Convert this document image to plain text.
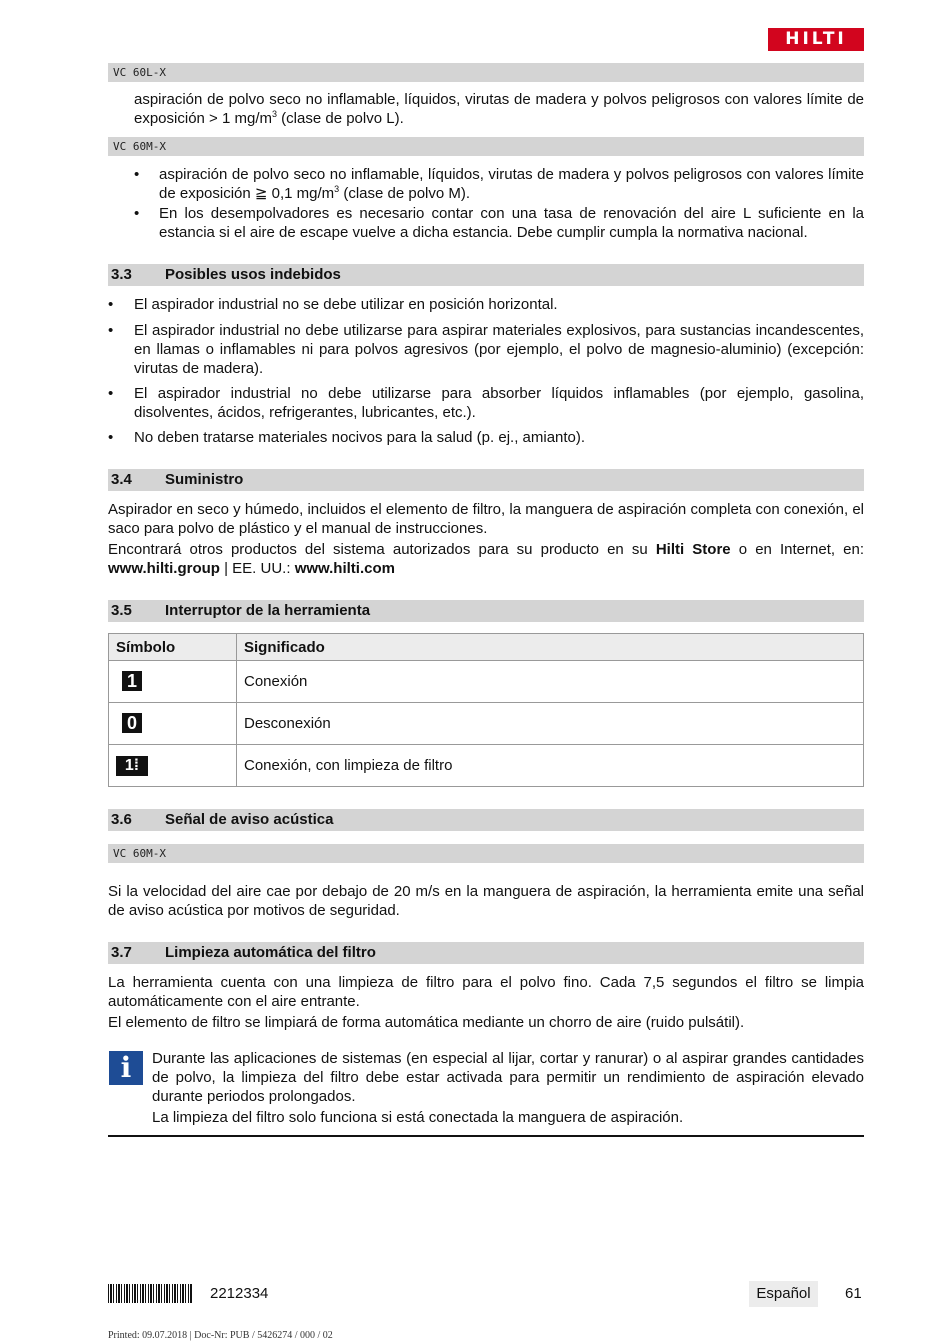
HILTI
VC 60L-X
aspiración de polvo seco no inflamable, líquidos, virutas de madera y polvos peligrosos con valores límite de exposición > 1 $mg/m^3$ (clase de polvo L).
VC 60M-X
• aspiración de polvo seco no inflamable, líquidos, virutas de madera y polvos peligrosos con valores límite de exposición ≧ 0,1 $mg/m^3$ (clase de polvo M).
• En los desempolvadores es necesario contar con una tasa de renovación del aire L suficiente en la estancia si el aire de escape vuelve a dicha estancia. Debe cumplir cumpla la normativa nacional.
3.3 Posibles usos indebidos
• El aspirador industrial no se debe utilizar en posición horizontal.
• El aspirador industrial no debe utilizarse para aspirar materiales explosivos, para sustancias incandescentes, en llamas o inflamables ni para polvos agresivos (por ejemplo, el polvo de magnesio-aluminio) (excepción: virutas de madera).
• El aspirador industrial no debe utilizarse para absorber líquidos inflamables (por ejemplo, gasolina, disolventes, ácidos, refrigerantes, lubricantes, etc.).
• No deben tratarse materiales nocivos para la salud (p. ej., amianto).
3.4 Suministro
Aspirador en seco y húmedo, incluidos el elemento de filtro, la manguera de aspiración completa con conexión, el saco para polvo de plástico y el manual de instrucciones.
Encontrará otros productos del sistema autorizados para su producto en su Hilti Store o en Internet, en: www.hilti.group | EE. UU.: www.hilti.com
3.5 Interruptor de la herramienta
Símbolo	Significado
1	Conexión
0	Desconexión
1⁞	Conexión, con limpieza de filtro
3.6 Señal de aviso acústica
VC 60M-X
Si la velocidad del aire cae por debajo de 20 m/s en la manguera de aspiración, la herramienta emite una señal de aviso acústica por motivos de seguridad.
3.7 Limpieza automática del filtro
La herramienta cuenta con una limpieza de filtro para el polvo fino. Cada 7,5 segundos el filtro se limpia automáticamente con el aire entrante.
El elemento de filtro se limpiará de forma automática mediante un chorro de aire (ruido pulsátil).
i	Durante las aplicaciones de sistemas (en especial al lijar, cortar y ranurar) o al aspirar grandes cantidades de polvo, la limpieza del filtro debe estar activada para permitir un rendimiento de aspiración elevado durante periodos prolongados.
La limpieza del filtro solo funciona si está conectada la manguera de aspiración.
2212334	Español	61
Printed: 09.07.2018 | Doc-Nr: PUB / 5426274 / 000 / 02
